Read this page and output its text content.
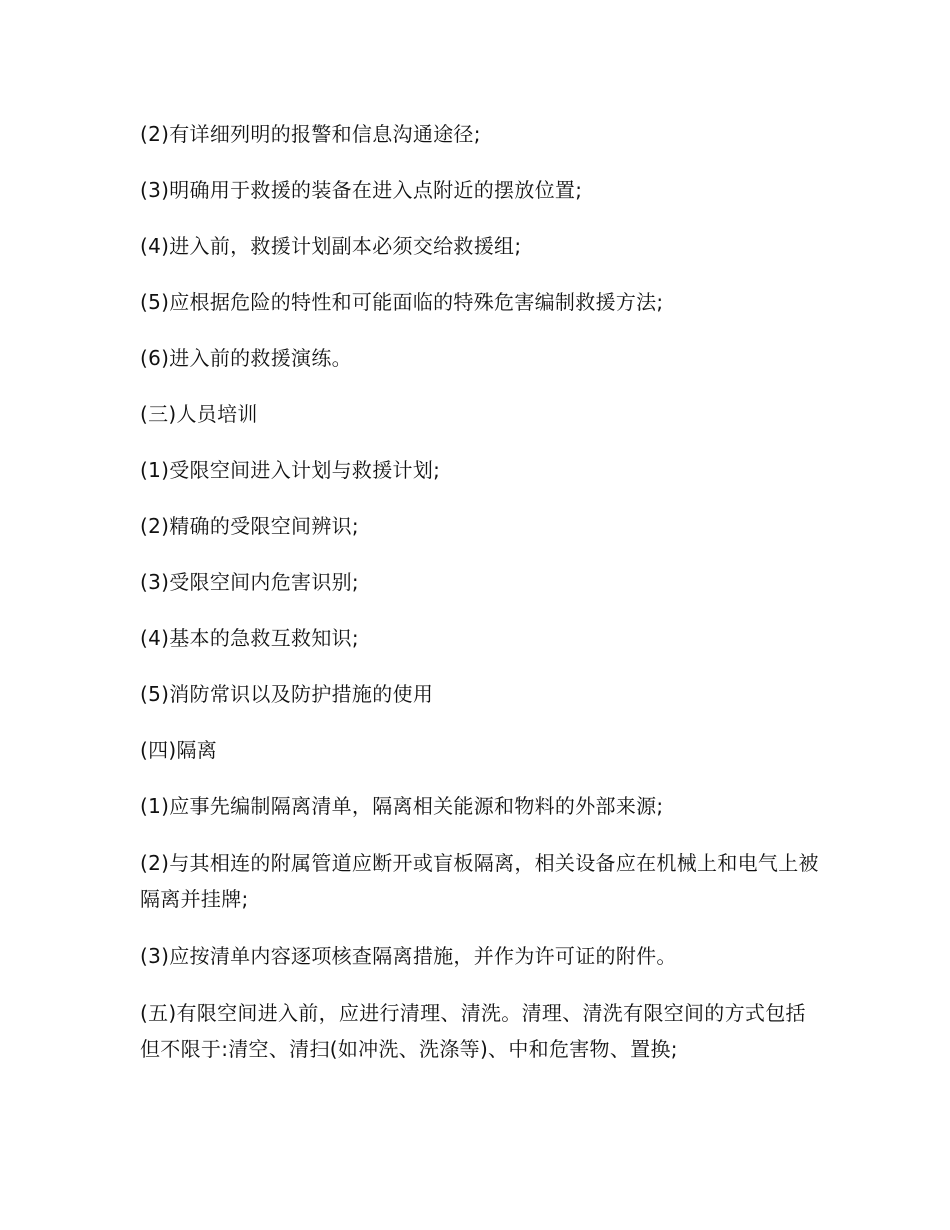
(2)有详细列明的报警和信息沟通途径;

(3)明确用于救援的装备在进入点附近的摆放位置;

(4)进入前，救援计划副本必须交给救援组;

(5)应根据危险的特性和可能面临的特殊危害编制救援方法;

(6)进入前的救援演练。

(三)人员培训

(1)受限空间进入计划与救援计划;

(2)精确的受限空间辨识;

(3)受限空间内危害识别;

(4)基本的急救互救知识;

(5)消防常识以及防护措施的使用

(四)隔离

(1)应事先编制隔离清单，隔离相关能源和物料的外部来源;

(2)与其相连的附属管道应断开或盲板隔离，相关设备应在机械上和电气上被隔离并挂牌;

(3)应按清单内容逐项核查隔离措施，并作为许可证的附件。

(五)有限空间进入前，应进行清理、清洗。清理、清洗有限空间的方式包括但不限于:清空、清扫(如冲洗、洗涤等)、中和危害物、置换;
